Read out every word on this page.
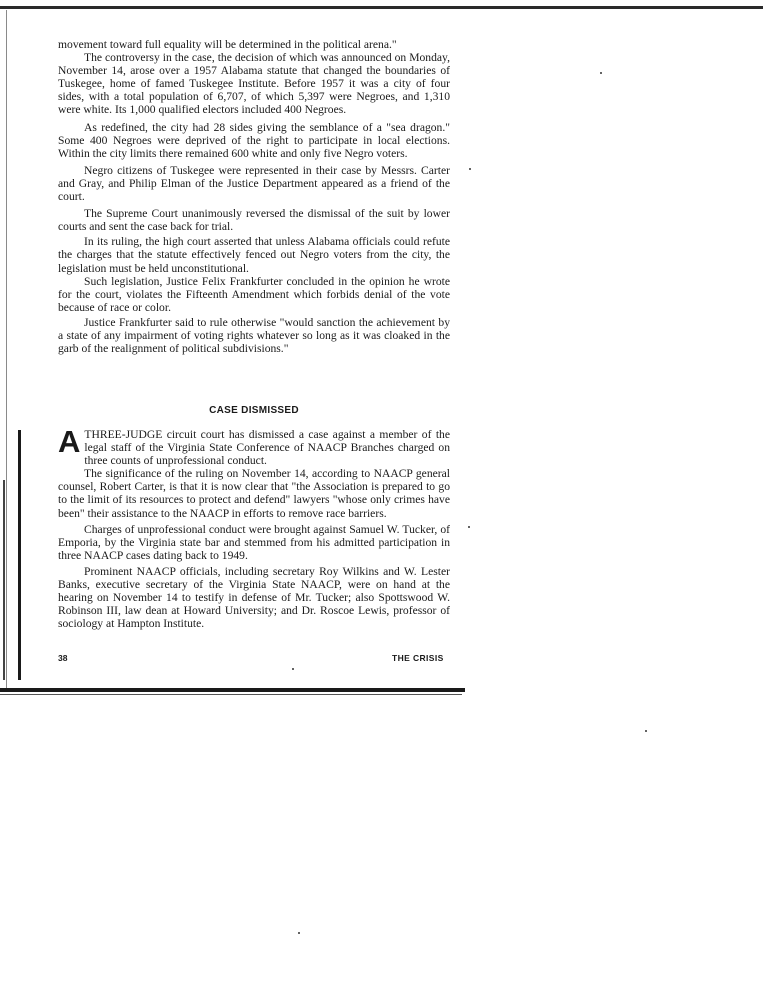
movement toward full equality will be determined in the political arena."

The controversy in the case, the decision of which was announced on Monday, November 14, arose over a 1957 Alabama statute that changed the boundaries of Tuskegee, home of famed Tuskegee Institute. Before 1957 it was a city of four sides, with a total population of 6,707, of which 5,397 were Negroes, and 1,310 were white. Its 1,000 qualified electors included 400 Negroes.

As redefined, the city had 28 sides giving the semblance of a "sea dragon." Some 400 Negroes were deprived of the right to participate in local elections. Within the city limits there remained 600 white and only five Negro voters.

Negro citizens of Tuskegee were represented in their case by Messrs. Carter and Gray, and Philip Elman of the Justice Department appeared as a friend of the court.

The Supreme Court unanimously reversed the dismissal of the suit by lower courts and sent the case back for trial.

In its ruling, the high court asserted that unless Alabama officials could refute the charges that the statute effectively fenced out Negro voters from the city, the legislation must be held unconstitutional.

Such legislation, Justice Felix Frankfurter concluded in the opinion he wrote for the court, violates the Fifteenth Amendment which forbids denial of the vote because of race or color.

Justice Frankfurter said to rule otherwise "would sanction the achievement by a state of any impairment of voting rights whatever so long as it was cloaked in the garb of the realignment of political subdivisions."

CASE DISMISSED

ATHREE-JUDGE circuit court has dismissed a case against a member of the legal staff of the Virginia State Conference of NAACP Branches charged on three counts of unprofessional conduct.

The significance of the ruling on November 14, according to NAACP general counsel, Robert Carter, is that it is now clear that "the Association is prepared to go to the limit of its resources to protect and defend" lawyers "whose only crimes have been" their assistance to the NAACP in efforts to remove race barriers.

Charges of unprofessional conduct were brought against Samuel W. Tucker, of Emporia, by the Virginia state bar and stemmed from his admitted participation in three NAACP cases dating back to 1949.

Prominent NAACP officials, including secretary Roy Wilkins and W. Lester Banks, executive secretary of the Virginia State NAACP, were on hand at the hearing on November 14 to testify in defense of Mr. Tucker; also Spottswood W. Robinson III, law dean at Howard University; and Dr. Roscoe Lewis, professor of sociology at Hampton Institute.

38	THE CRISIS
